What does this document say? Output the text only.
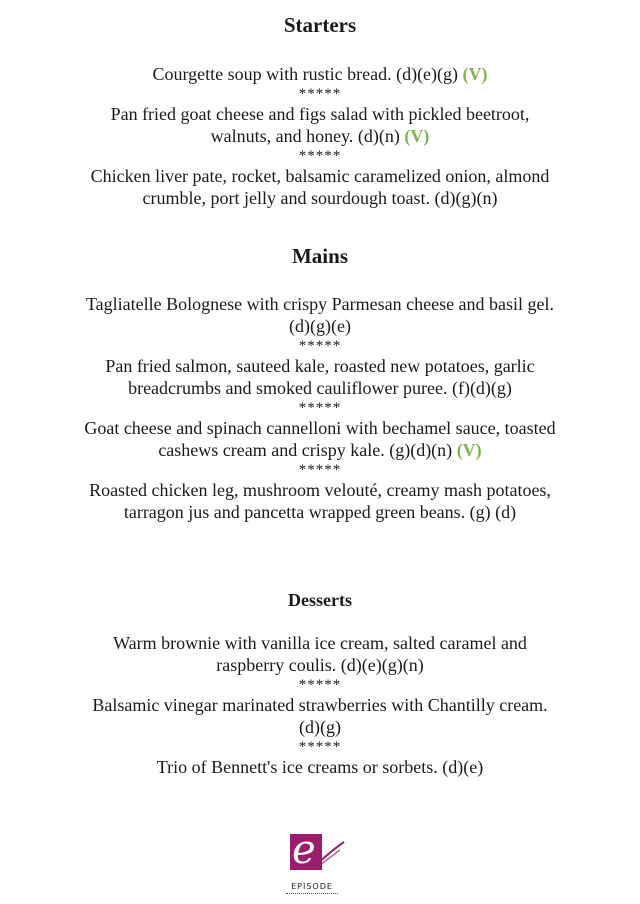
Starters

Courgette soup with rustic bread. (d)(e)(g) (V)

*****

Pan fried goat cheese and figs salad with pickled beetroot, walnuts, and honey. (d)(n) (V)

*****

Chicken liver pate, rocket, balsamic caramelized onion, almond crumble, port jelly and sourdough toast. (d)(g)(n)

Mains

Tagliatelle Bolognese with crispy Parmesan cheese and basil gel. (d)(g)(e)

*****

Pan fried salmon, sauteed kale, roasted new potatoes, garlic breadcrumbs and smoked cauliflower puree. (f)(d)(g)

*****

Goat cheese and spinach cannelloni with bechamel sauce, toasted cashews cream and crispy kale. (g)(d)(n) (V)

*****

Roasted chicken leg, mushroom velouté, creamy mash potatoes, tarragon jus and pancetta wrapped green beans. (g) (d)

Desserts

Warm brownie with vanilla ice cream, salted caramel and raspberry coulis. (d)(e)(g)(n)

*****

Balsamic vinegar marinated strawberries with Chantilly cream. (d)(g)

*****

Trio of Bennett's ice creams or sorbets. (d)(e)

e
EPISODE
